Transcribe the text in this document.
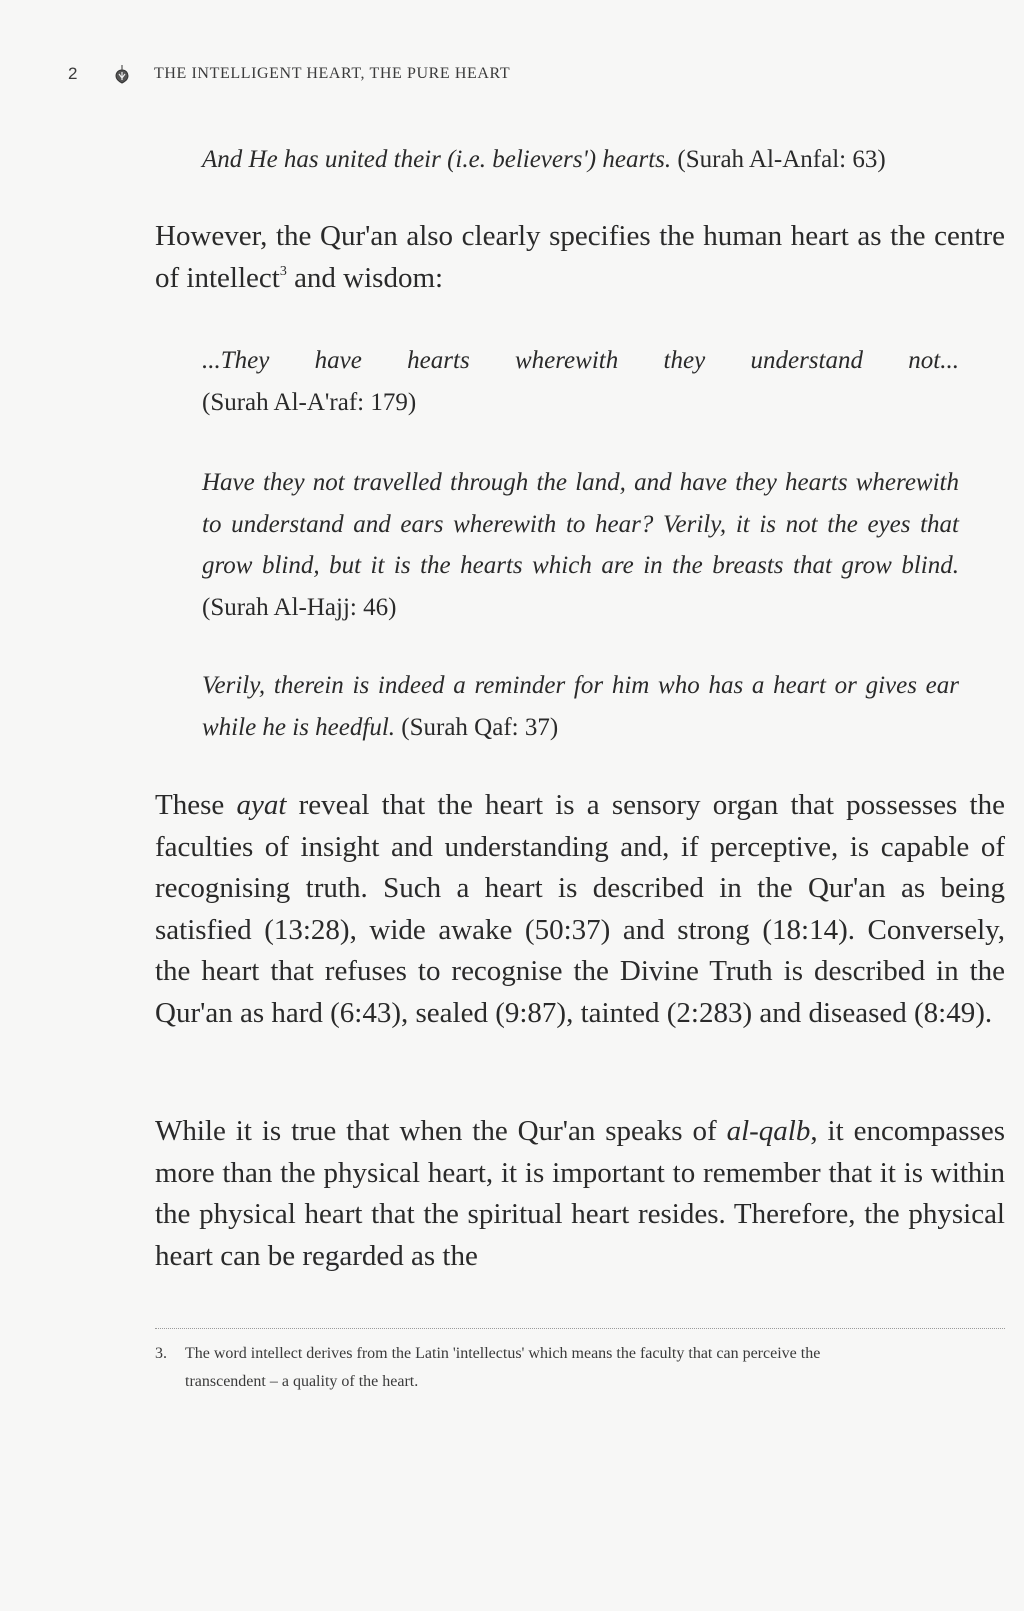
2	THE INTELLIGENT HEART, THE PURE HEART
And He has united their (i.e. believers') hearts. (Surah Al-Anfal: 63)
However, the Qur'an also clearly specifies the human heart as the centre of intellect$^3$ and wisdom:
...They have hearts wherewith they understand not...
(Surah Al-A'raf: 179)
Have they not travelled through the land, and have they hearts wherewith to understand and ears wherewith to hear? Verily, it is not the eyes that grow blind, but it is the hearts which are in the breasts that grow blind. (Surah Al-Hajj: 46)
Verily, therein is indeed a reminder for him who has a heart or gives ear while he is heedful. (Surah Qaf: 37)
These ayat reveal that the heart is a sensory organ that possesses the faculties of insight and understanding and, if perceptive, is capable of recognising truth. Such a heart is described in the Qur'an as being satisfied (13:28), wide awake (50:37) and strong (18:14). Conversely, the heart that refuses to recognise the Divine Truth is described in the Qur'an as hard (6:43), sealed (9:87), tainted (2:283) and diseased (8:49).
While it is true that when the Qur'an speaks of al-qalb, it encompasses more than the physical heart, it is important to remember that it is within the physical heart that the spiritual heart resides. Therefore, the physical heart can be regarded as the
3. The word intellect derives from the Latin 'intellectus' which means the faculty that can perceive the
transcendent – a quality of the heart.
